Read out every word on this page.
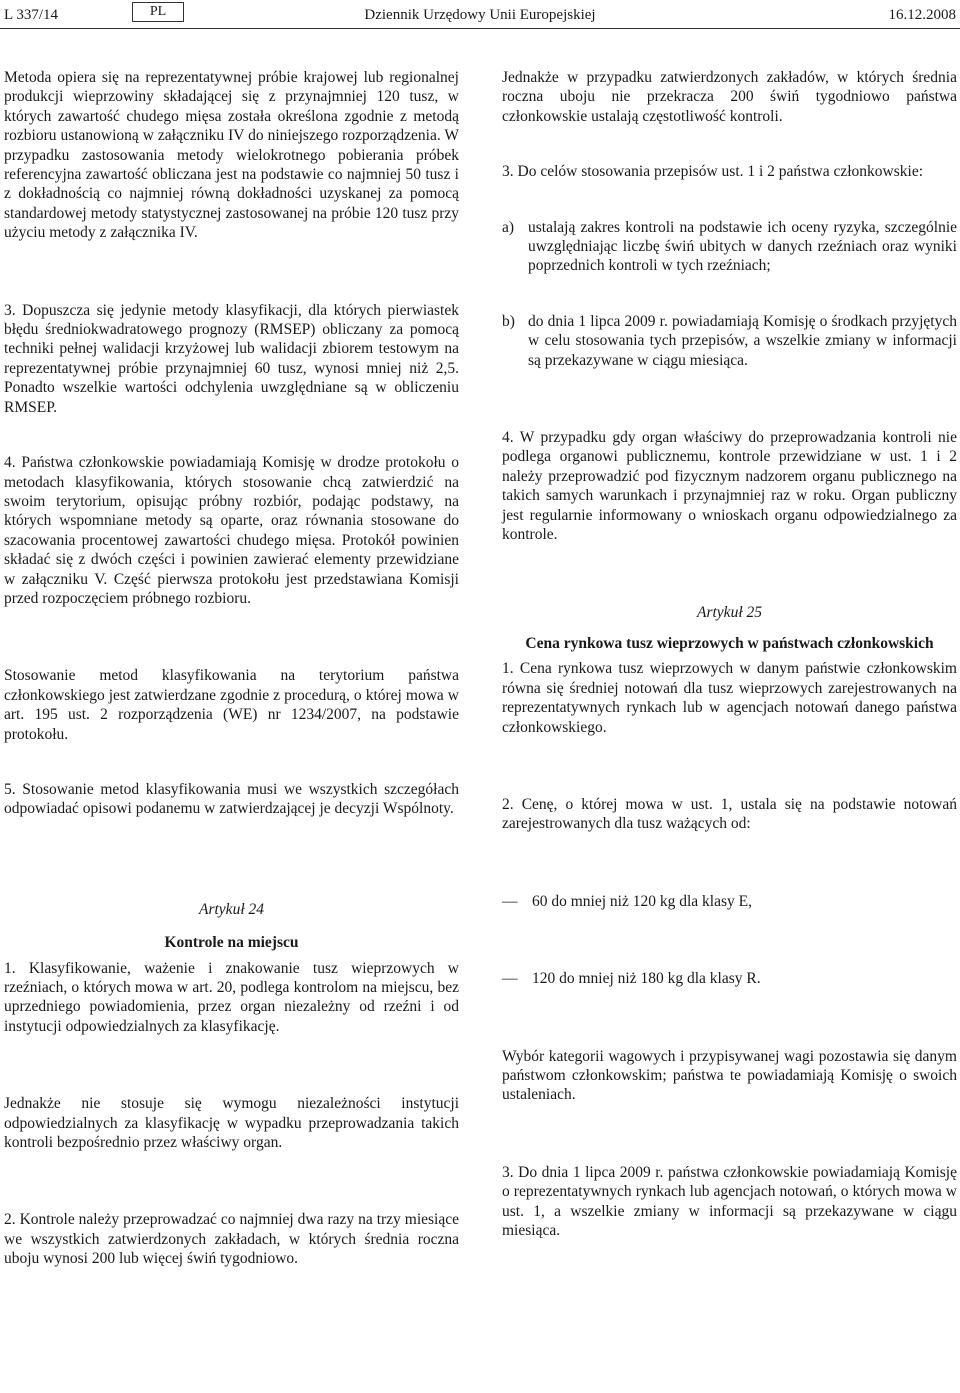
L 337/14	PL	Dziennik Urzędowy Unii Europejskiej	16.12.2008

Metoda opiera się na reprezentatywnej próbie krajowej lub regionalnej produkcji wieprzowiny składającej się z przynajmniej 120 tusz, w których zawartość chudego mięsa została określona zgodnie z metodą rozbioru ustanowioną w załączniku IV do niniejszego rozporządzenia. W przypadku zastosowania metody wielokrotnego pobierania próbek referencyjna zawartość obliczana jest na podstawie co najmniej 50 tusz i z dokładnością co najmniej równą dokładności uzyskanej za pomocą standardowej metody statystycznej zastosowanej na próbie 120 tusz przy użyciu metody z załącznika IV.

3. Dopuszcza się jedynie metody klasyfikacji, dla których pierwiastek błędu średniokwadratowego prognozy (RMSEP) obliczany za pomocą techniki pełnej walidacji krzyżowej lub walidacji zbiorem testowym na reprezentatywnej próbie przynajmniej 60 tusz, wynosi mniej niż 2,5. Ponadto wszelkie wartości odchylenia uwzględniane są w obliczeniu RMSEP.

4. Państwa członkowskie powiadamiają Komisję w drodze protokołu o metodach klasyfikowania, których stosowanie chcą zatwierdzić na swoim terytorium, opisując próbny rozbiór, podając podstawy, na których wspomniane metody są oparte, oraz równania stosowane do szacowania procentowej zawartości chudego mięsa. Protokół powinien składać się z dwóch części i powinien zawierać elementy przewidziane w załączniku V. Część pierwsza protokołu jest przedstawiana Komisji przed rozpoczęciem próbnego rozbioru.

Stosowanie metod klasyfikowania na terytorium państwa członkowskiego jest zatwierdzane zgodnie z procedurą, o której mowa w art. 195 ust. 2 rozporządzenia (WE) nr 1234/2007, na podstawie protokołu.

5. Stosowanie metod klasyfikowania musi we wszystkich szczegółach odpowiadać opisowi podanemu w zatwierdzającej je decyzji Wspólnoty.

Artykuł 24

Kontrole na miejscu

1. Klasyfikowanie, ważenie i znakowanie tusz wieprzowych w rzeźniach, o których mowa w art. 20, podlega kontrolom na miejscu, bez uprzedniego powiadomienia, przez organ niezależny od rzeźni i od instytucji odpowiedzialnych za klasyfikację.

Jednakże nie stosuje się wymogu niezależności instytucji odpowiedzialnych za klasyfikację w wypadku przeprowadzania takich kontroli bezpośrednio przez właściwy organ.

2. Kontrole należy przeprowadzać co najmniej dwa razy na trzy miesiące we wszystkich zatwierdzonych zakładach, w których średnia roczna uboju wynosi 200 lub więcej świń tygodniowo.

Jednakże w przypadku zatwierdzonych zakładów, w których średnia roczna uboju nie przekracza 200 świń tygodniowo państwa członkowskie ustalają częstotliwość kontroli.

3. Do celów stosowania przepisów ust. 1 i 2 państwa członkowskie:

a) ustalają zakres kontroli na podstawie ich oceny ryzyka, szczególnie uwzględniając liczbę świń ubitych w danych rzeźniach oraz wyniki poprzednich kontroli w tych rzeźniach;
b) do dnia 1 lipca 2009 r. powiadamiają Komisję o środkach przyjętych w celu stosowania tych przepisów, a wszelkie zmiany w informacji są przekazywane w ciągu miesiąca.

4. W przypadku gdy organ właściwy do przeprowadzania kontroli nie podlega organowi publicznemu, kontrole przewidziane w ust. 1 i 2 należy przeprowadzić pod fizycznym nadzorem organu publicznego na takich samych warunkach i przynajmniej raz w roku. Organ publiczny jest regularnie informowany o wnioskach organu odpowiedzialnego za kontrole.

Artykuł 25

Cena rynkowa tusz wieprzowych w państwach członkowskich

1. Cena rynkowa tusz wieprzowych w danym państwie członkowskim równa się średniej notowań dla tusz wieprzowych zarejestrowanych na reprezentatywnych rynkach lub w agencjach notowań danego państwa członkowskiego.

2. Cenę, o której mowa w ust. 1, ustala się na podstawie notowań zarejestrowanych dla tusz ważących od:

— 60 do mniej niż 120 kg dla klasy E,
— 120 do mniej niż 180 kg dla klasy R.

Wybór kategorii wagowych i przypisywanej wagi pozostawia się danym państwom członkowskim; państwa te powiadamiają Komisję o swoich ustaleniach.

3. Do dnia 1 lipca 2009 r. państwa członkowskie powiadamiają Komisję o reprezentatywnych rynkach lub agencjach notowań, o których mowa w ust. 1, a wszelkie zmiany w informacji są przekazywane w ciągu miesiąca.
